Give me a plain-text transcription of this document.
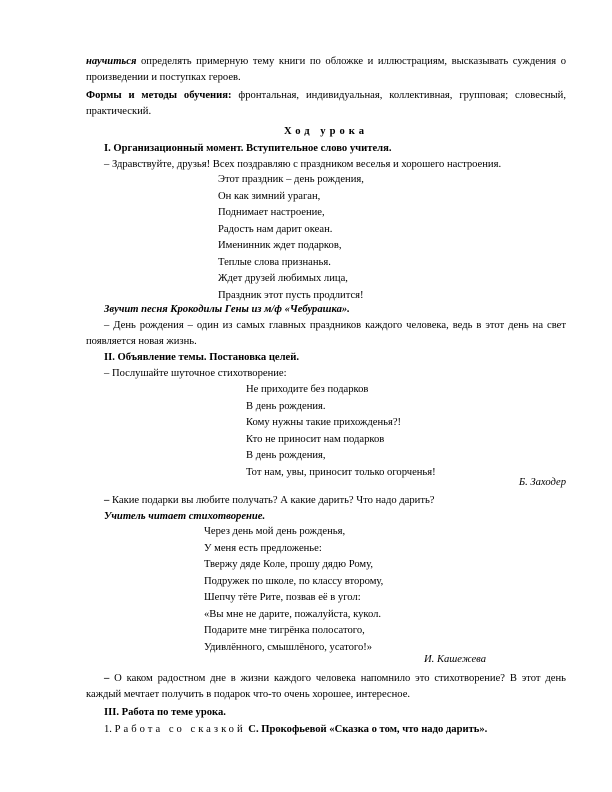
научиться определять примерную тему книги по обложке и иллюстрациям, высказывать суждения о произведении и поступках героев.

Формы и методы обучения: фронтальная, индивидуальная, коллективная, групповая; словесный, практический.

Ход урока

I. Организационный момент. Вступительное слово учителя.

– Здравствуйте, друзья! Всех поздравляю с праздником веселья и хорошего настроения.

Этот праздник – день рождения,
Он как зимний ураган,
Поднимает настроение,
Радость нам дарит океан.
Именинник ждет подарков,
Теплые слова признанья.
Ждет друзей любимых лица,
Праздник этот пусть продлится!

Звучит песня Крокодилы Гены из м/ф «Чебурашка».

– День рождения – один из самых главных праздников каждого человека, ведь в этот день на свет появляется новая жизнь.

II. Объявление темы. Постановка целей.

– Послушайте шуточное стихотворение:

Не приходите без подарков
В день рождения.
Кому нужны такие прихожденья?!
Кто не приносит нам подарков
В день рождения,
Тот нам, увы, приносит только огорченья!
Б. Заходер

– Какие подарки вы любите получать? А какие дарить? Что надо дарить?

Учитель читает стихотворение.

Через день мой день рожденья,
У меня есть предложенье:
Твержу дяде Коле, прошу дядю Рому,
Подружек по школе, по классу второму,
Шепчу тёте Рите, позвав её в угол:
«Вы мне не дарите, пожалуйста, кукол.
Подарите мне тигрёнка полосатого,
Удивлённого, смышлёного, усатого!»
И. Кашежева

– О каком радостном дне в жизни каждого человека напомнило это стихотворение? В этот день каждый мечтает получить в подарок что-то очень хорошее, интересное.

III. Работа по теме урока.

1. Работа со сказкой С. Прокофьевой «Сказка о том, что надо дарить».
